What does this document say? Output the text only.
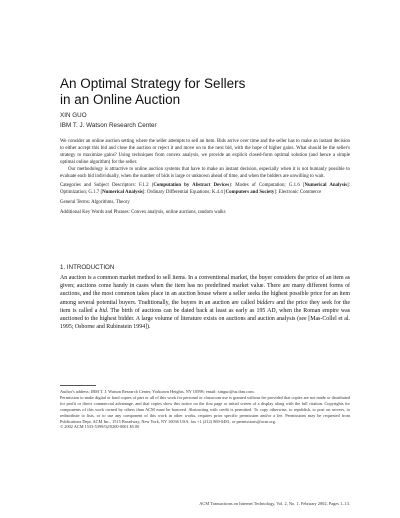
An Optimal Strategy for Sellers
in an Online Auction
XIN GUO
IBM T. J. Watson Research Center

We consider an online auction setting where the seller attempts to sell an item. Bids arrive over time and the seller has to make an instant decision to either accept this bid and close the auction or reject it and move on to the next bid, with the hope of higher gains. What should be the seller's strategy to maximize gains? Using techniques from convex analysis, we provide an explicit closed-form optimal solution (and hence a simple optimal online algorithm) for the seller.

Our methodology is attractive to online auction systems that have to make an instant decision, especially when it is not humanly possible to evaluate each bid individually, when the number of bids is large or unknown ahead of time, and when the bidders are unwilling to wait.

Categories and Subject Descriptors: F.1.2 (Computation by Abstract Devices): Modes of Computation; G.1.6 [Numerical Analysis]: Optimization; G.1.7 [Numerical Analysis]: Ordinary Differential Equations; K.4.4 [Computers and Society]: Electronic Commerce

General Terms: Algorithms, Theory

Additional Key Words and Phrases: Convex analysis, online auctions, random walks

1. INTRODUCTION

An auction is a common market method to sell items. In a conventional market, the buyer considers the price of an item as given; auctions come handy in cases when the item has no predefined market value. There are many different forms of auctions, and the most common takes place in an auction house where a seller seeks the highest possible price for an item among several potential buyers. Traditionally, the buyers in an auction are called bidders and the price they seek for the item is called a bid. The birth of auctions can be dated back at least as early as 195 AD, when the Roman empire was auctioned to the highest bidder. A large volume of literature exists on auctions and auction analysis (see [Mas-Collel et al. 1995; Osborne and Rubinstein 1994]).

Author's address: IBM T. J. Watson Research Center, Yorktown Heights, NY 10598; email: xinguo@us.ibm.com.

Permission to make digital or hard copies of part or all of this work for personal or classroom use is granted without fee provided that copies are not made or distributed for profit or direct commercial advantage, and that copies show this notice on the first page or initial screen of a display along with the full citation. Copyrights for components of this work owned by others than ACM must be honored. Abstracting with credit is permitted. To copy otherwise, to republish, to post on servers, to redistribute to lists, or to use any component of this work in other works, requires prior specific permission and/or a fee. Permissions may be requested from Publications Dept, ACM Inc., 1515 Broadway, New York, NY 10036 USA, fax +1 (212) 869-0481, or permissions@acm.org.

© 2002 ACM 1533-5399/02/0200-0001 $5.00

ACM Transactions on Internet Technology, Vol. 2, No. 1, February 2002, Pages 1–13.
